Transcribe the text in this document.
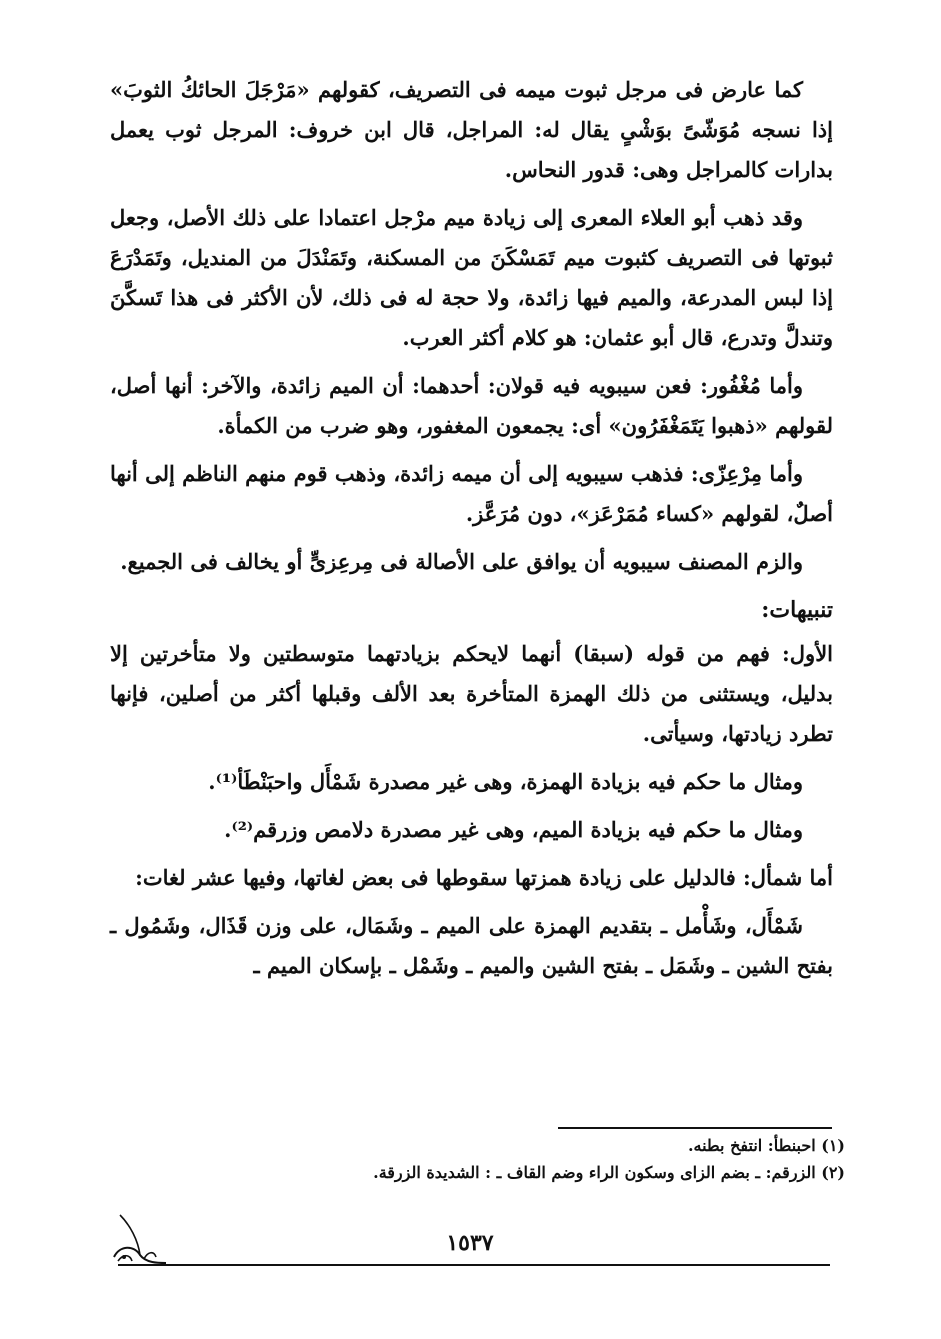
كما عارض فى مرجل ثبوت ميمه فى التصريف، كقولهم «مَرْجَلَ الحائكُ الثوبَ» إذا نسجه مُوَشّىً بوَشْىٍ يقال له: المراجل، قال ابن خروف: المرجل ثوب يعمل بدارات كالمراجل وهى: قدور النحاس.

وقد ذهب أبو العلاء المعرى إلى زيادة ميم مرْجل اعتمادا على ذلك الأصل، وجعل ثبوتها فى التصريف كثبوت ميم تَمَسْكَنَ من المسكنة، وتَمَنْدَلَ من المنديل، وتَمَدْرَعَ إذا لبس المدرعة، والميم فيها زائدة، ولا حجة له فى ذلك، لأن الأكثر فى هذا تَسكَّنَ وتندلَّ وتدرع، قال أبو عثمان: هو كلام أكثر العرب.

وأما مُغْفُور: فعن سيبويه فيه قولان: أحدهما: أن الميم زائدة، والآخر: أنها أصل، لقولهم «ذهبوا يَتَمَغْفَرُون» أى: يجمعون المغفور، وهو ضرب من الكمأة.

وأما مِرْعِزّى: فذهب سيبويه إلى أن ميمه زائدة، وذهب قوم منهم الناظم إلى أنها أصلٌ، لقولهم «كساء مُمَرْعَز»، دون مُرَعَّز.

والزم المصنف سيبويه أن يوافق على الأصالة فى مِرعِزىٍّ أو يخالف فى الجميع.

تنبيهات:

الأول: فهم من قوله (سبقا) أنهما لايحكم بزيادتهما متوسطتين ولا متأخرتين إلا بدليل، ويستثنى من ذلك الهمزة المتأخرة بعد الألف وقبلها أكثر من أصلين، فإنها تطرد زيادتها، وسيأتى.

ومثال ما حكم فيه بزيادة الهمزة، وهى غير مصدرة شَمْأَل واحبَنْطَأ⁽¹⁾.

ومثال ما حكم فيه بزيادة الميم، وهى غير مصدرة دلامص وزرقم⁽²⁾.

أما شمأل: فالدليل على زيادة همزتها سقوطها فى بعض لغاتها، وفيها عشر لغات:

شَمْأَل، وشَأْمل ـ بتقديم الهمزة على الميم ـ وشَمَال، على وزن قَذَال، وشَمُول ـ بفتح الشين ـ وشَمَل ـ بفتح الشين والميم ـ وشَمْل ـ بإسكان الميم ـ

(١) احبنطأ: انتفخ بطنه.

(٢) الزرقم: ـ بضم الزاى وسكون الراء وضم القاف ـ : الشديدة الزرقة.

١٥٣٧
